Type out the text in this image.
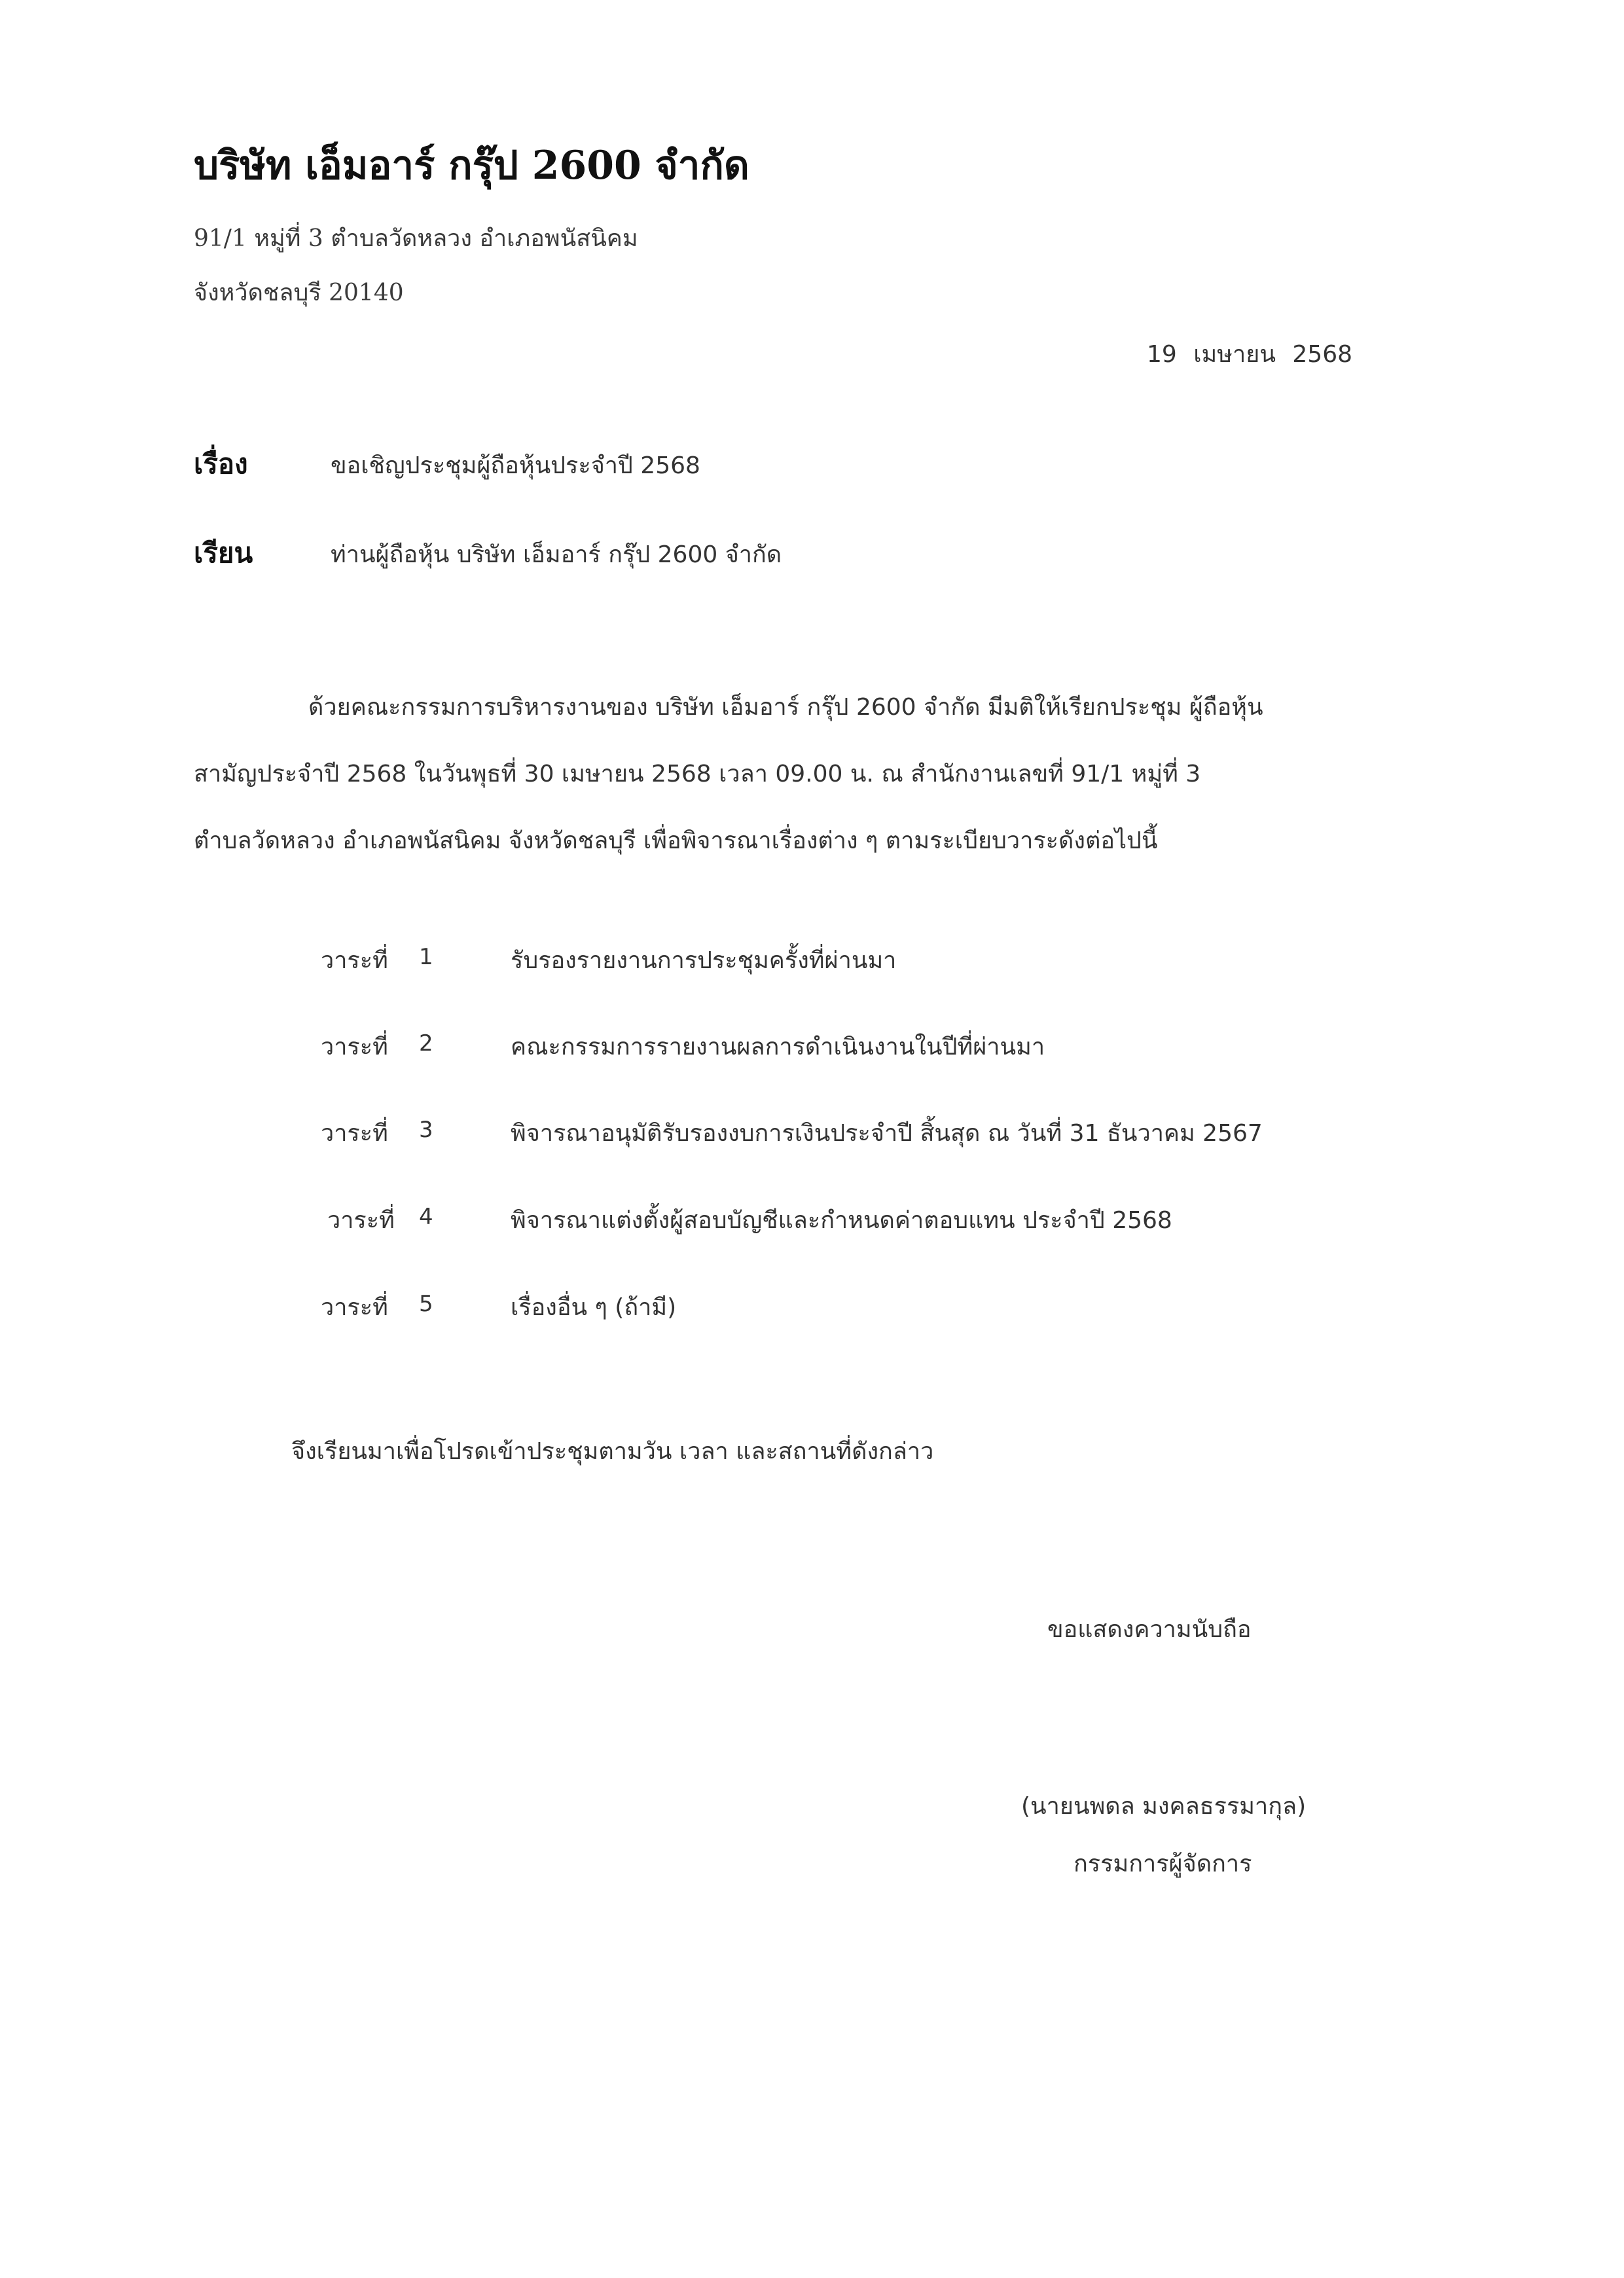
บริษัท เอ็มอาร์ กรุ๊ป 2600 จำกัด
91/1 หมู่ที่ 3 ตำบลวัดหลวง อำเภอพนัสนิคม
จังหวัดชลบุรี 20140
19 เมษายน 2568
เรื่อง	ขอเชิญประชุมผู้ถือหุ้นประจำปี 2568
เรียน	ท่านผู้ถือหุ้น บริษัท เอ็มอาร์ กรุ๊ป 2600 จำกัด
ด้วยคณะกรรมการบริหารงานของ บริษัท เอ็มอาร์ กรุ๊ป 2600 จำกัด มีมติให้เรียกประชุม ผู้ถือหุ้น
สามัญประจำปี 2568 ในวันพุธที่ 30 เมษายน 2568 เวลา 09.00 น. ณ สำนักงานเลขที่ 91/1 หมู่ที่ 3
ตำบลวัดหลวง อำเภอพนัสนิคม จังหวัดชลบุรี เพื่อพิจารณาเรื่องต่าง ๆ ตามระเบียบวาระดังต่อไปนี้
วาระที่ 1	รับรองรายงานการประชุมครั้งที่ผ่านมา
วาระที่ 2	คณะกรรมการรายงานผลการดำเนินงานในปีที่ผ่านมา
วาระที่ 3	พิจารณาอนุมัติรับรองงบการเงินประจำปี สิ้นสุด ณ วันที่ 31 ธันวาคม 2567
วาระที่ 4	พิจารณาแต่งตั้งผู้สอบบัญชีและกำหนดค่าตอบแทน ประจำปี 2568
วาระที่ 5	เรื่องอื่น ๆ (ถ้ามี)
จึงเรียนมาเพื่อโปรดเข้าประชุมตามวัน เวลา และสถานที่ดังกล่าว
ขอแสดงความนับถือ
(นายนพดล มงคลธรรมากุล)
กรรมการผู้จัดการ
